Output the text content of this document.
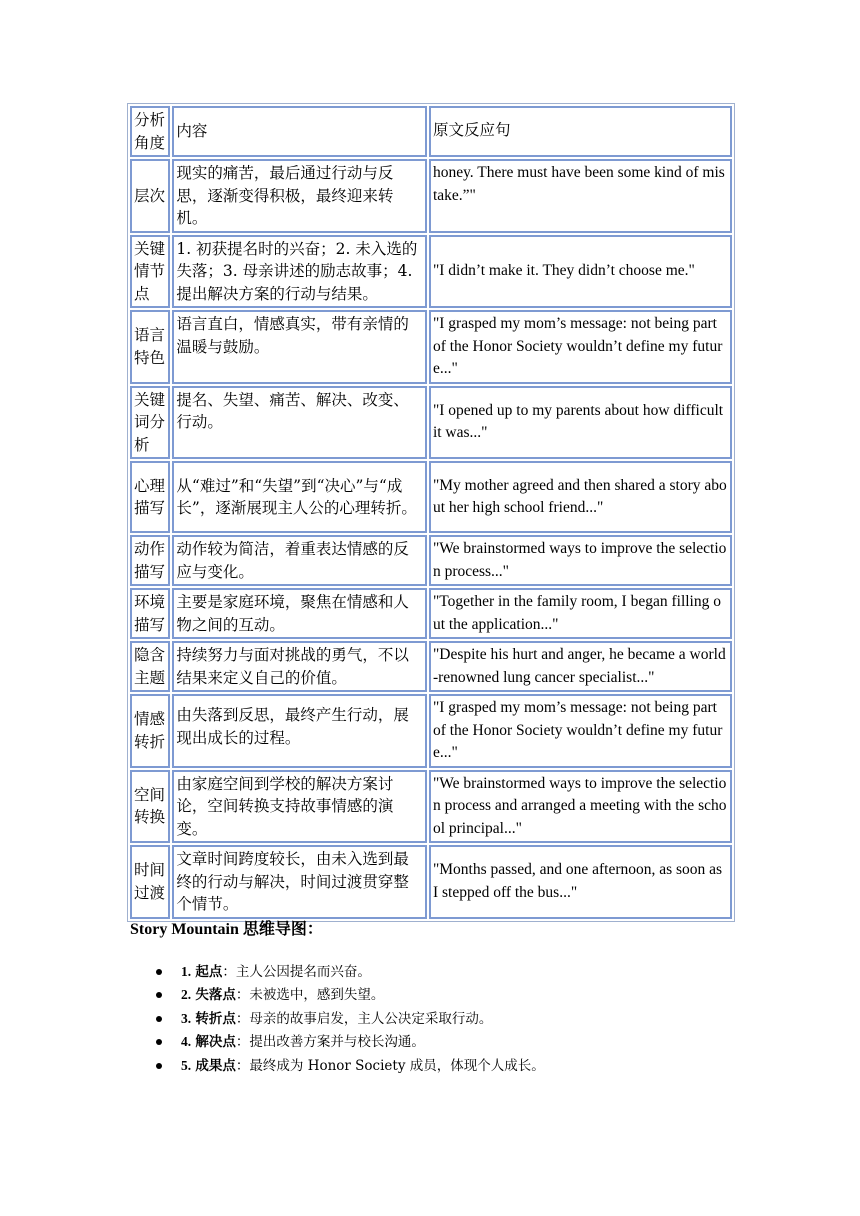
分析角度	内容	原文反应句
层次	现实的痛苦，最后通过行动与反思，逐渐变得积极，最终迎来转机。	honey. There must have been some kind of mistake.”"
关键情节点	1. 初获提名时的兴奋；2. 未入选的失落；3. 母亲讲述的励志故事；4. 提出解决方案的行动与结果。	"I didn’t make it. They didn’t choose me."
语言特色	语言直白，情感真实，带有亲情的温暖与鼓励。	"I grasped my mom’s message: not being part of the Honor Society wouldn’t define my future..."
关键词分析	提名、失望、痛苦、解决、改变、行动。	"I opened up to my parents about how difficult it was..."
心理描写	从“难过”和“失望”到“决心”与“成长”，逐渐展现主人公的心理转折。	"My mother agreed and then shared a story about her high school friend..."
动作描写	动作较为简洁，着重表达情感的反应与变化。	"We brainstormed ways to improve the selection process..."
环境描写	主要是家庭环境，聚焦在情感和人物之间的互动。	"Together in the family room, I began filling out the application..."
隐含主题	持续努力与面对挑战的勇气，不以结果来定义自己的价值。	"Despite his hurt and anger, he became a world-renowned lung cancer specialist..."
情感转折	由失落到反思，最终产生行动，展现出成长的过程。	"I grasped my mom’s message: not being part of the Honor Society wouldn’t define my future..."
空间转换	由家庭空间到学校的解决方案讨论，空间转换支持故事情感的演变。	"We brainstormed ways to improve the selection process and arranged a meeting with the school principal..."
时间过渡	文章时间跨度较长，由未入选到最终的行动与解决，时间过渡贯穿整个情节。	"Months passed, and one afternoon, as soon as I stepped off the bus..."
Story Mountain 思维导图：
1. 起点：主人公因提名而兴奋。
2. 失落点：未被选中，感到失望。
3. 转折点：母亲的故事启发，主人公决定采取行动。
4. 解决点：提出改善方案并与校长沟通。
5. 成果点：最终成为 Honor Society 成员，体现个人成长。
